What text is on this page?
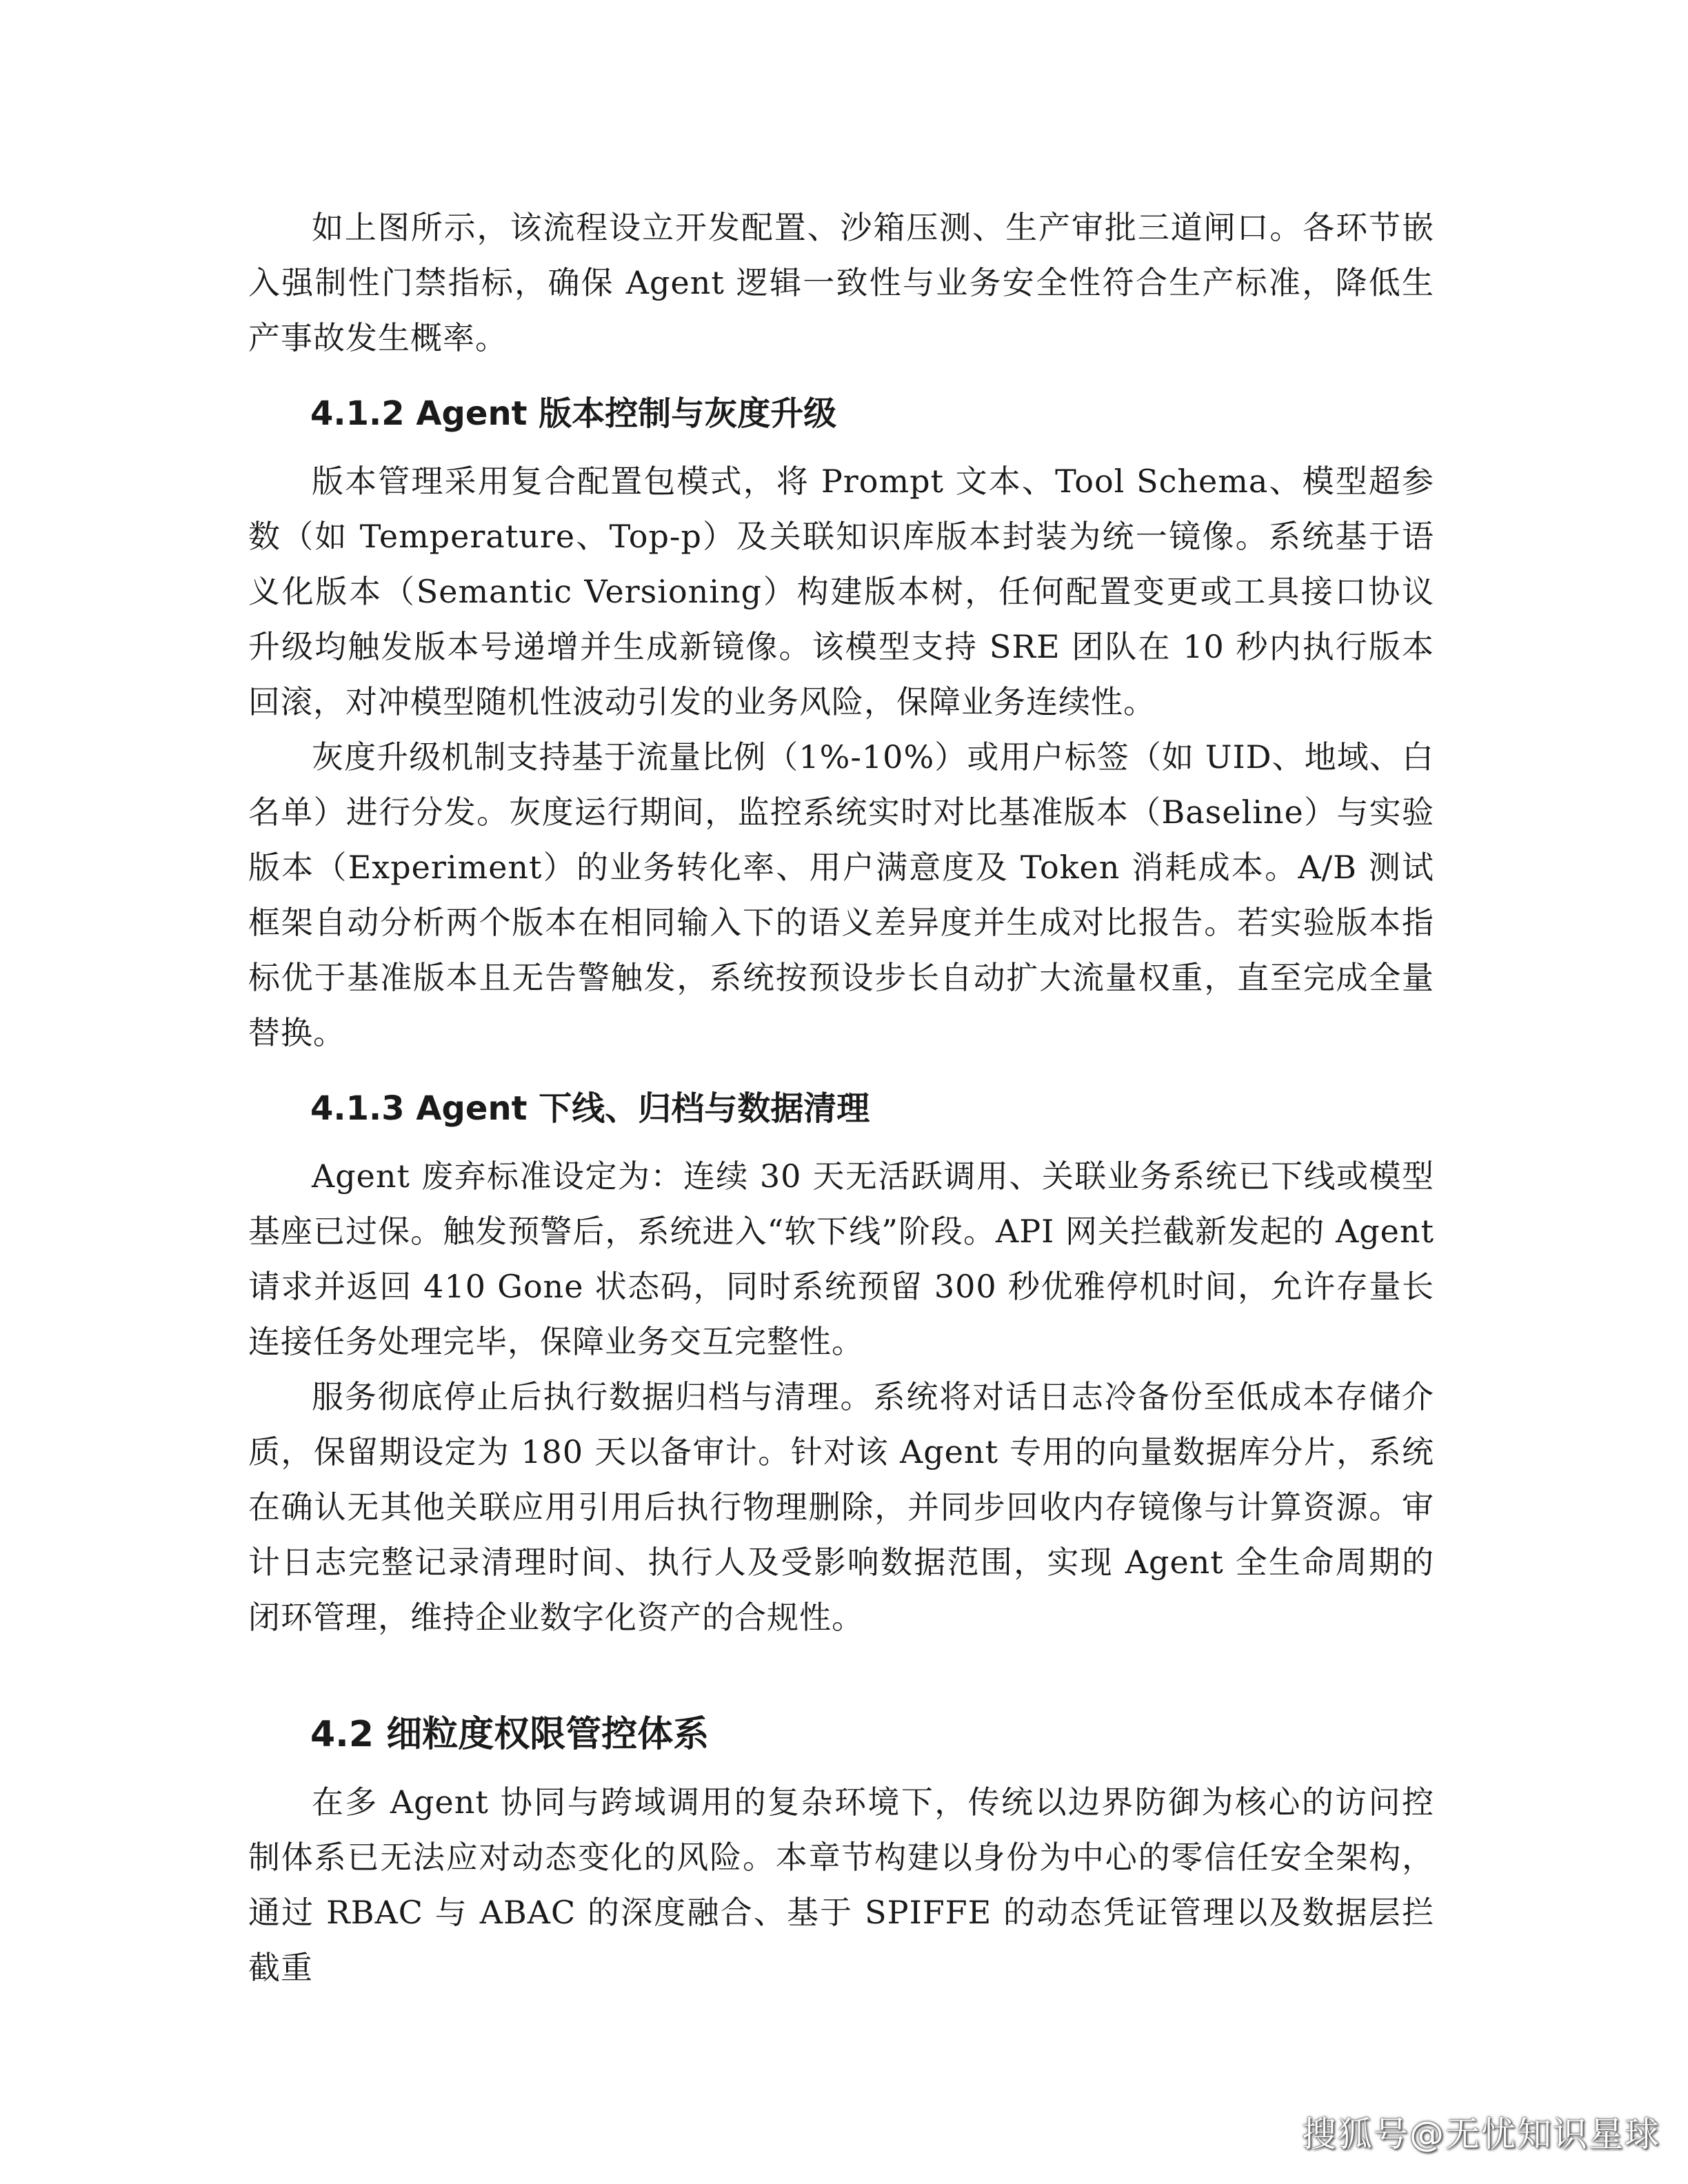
如上图所示，该流程设立开发配置、沙箱压测、生产审批三道闸口。各环节嵌入强制性门禁指标，确保 Agent 逻辑一致性与业务安全性符合生产标准，降低生产事故发生概率。

4.1.2 Agent 版本控制与灰度升级

版本管理采用复合配置包模式，将 Prompt 文本、Tool Schema、模型超参数（如 Temperature、Top-p）及关联知识库版本封装为统一镜像。系统基于语义化版本（Semantic Versioning）构建版本树，任何配置变更或工具接口协议升级均触发版本号递增并生成新镜像。该模型支持 SRE 团队在 10 秒内执行版本回滚，对冲模型随机性波动引发的业务风险，保障业务连续性。

灰度升级机制支持基于流量比例（1%-10%）或用户标签（如 UID、地域、白名单）进行分发。灰度运行期间，监控系统实时对比基准版本（Baseline）与实验版本（Experiment）的业务转化率、用户满意度及 Token 消耗成本。A/B 测试框架自动分析两个版本在相同输入下的语义差异度并生成对比报告。若实验版本指标优于基准版本且无告警触发，系统按预设步长自动扩大流量权重，直至完成全量替换。

4.1.3 Agent 下线、归档与数据清理

Agent 废弃标准设定为：连续 30 天无活跃调用、关联业务系统已下线或模型基座已过保。触发预警后，系统进入“软下线”阶段。API 网关拦截新发起的 Agent 请求并返回 410 Gone 状态码，同时系统预留 300 秒优雅停机时间，允许存量长连接任务处理完毕，保障业务交互完整性。

服务彻底停止后执行数据归档与清理。系统将对话日志冷备份至低成本存储介质，保留期设定为 180 天以备审计。针对该 Agent 专用的向量数据库分片，系统在确认无其他关联应用引用后执行物理删除，并同步回收内存镜像与计算资源。审计日志完整记录清理时间、执行人及受影响数据范围，实现 Agent 全生命周期的闭环管理，维持企业数字化资产的合规性。

4.2 细粒度权限管控体系

在多 Agent 协同与跨域调用的复杂环境下，传统以边界防御为核心的访问控制体系已无法应对动态变化的风险。本章节构建以身份为中心的零信任安全架构，通过 RBAC 与 ABAC 的深度融合、基于 SPIFFE 的动态凭证管理以及数据层拦截重

搜狐号@无忧知识星球
